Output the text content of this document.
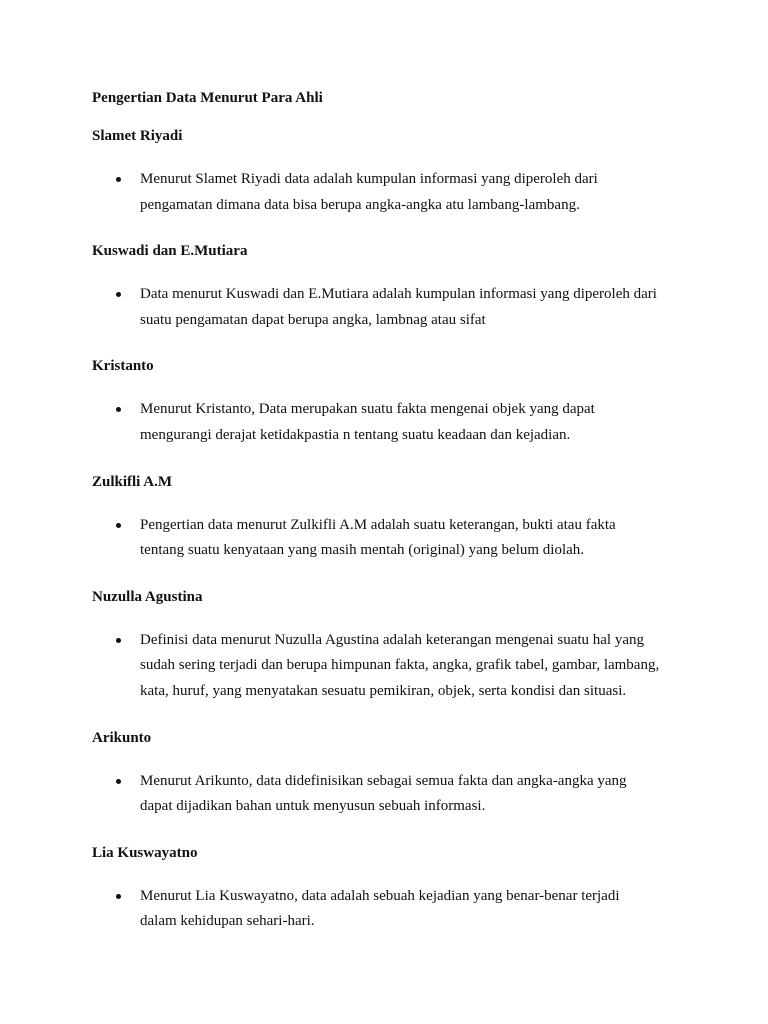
Pengertian Data Menurut Para Ahli
Slamet Riyadi
Menurut Slamet Riyadi data adalah kumpulan informasi yang diperoleh dari pengamatan dimana data bisa berupa angka-angka atu lambang-lambang.
Kuswadi dan E.Mutiara
Data menurut Kuswadi dan E.Mutiara adalah kumpulan informasi yang diperoleh dari suatu pengamatan dapat berupa angka, lambnag atau sifat
Kristanto
Menurut Kristanto, Data merupakan suatu fakta mengenai objek yang dapat mengurangi derajat ketidakpastia n tentang suatu keadaan dan kejadian.
Zulkifli A.M
Pengertian data menurut Zulkifli A.M adalah suatu keterangan, bukti atau fakta tentang suatu kenyataan yang masih mentah (original) yang belum diolah.
Nuzulla Agustina
Definisi data menurut Nuzulla Agustina adalah keterangan mengenai suatu hal yang sudah sering terjadi dan berupa himpunan fakta, angka, grafik tabel, gambar, lambang, kata, huruf, yang menyatakan sesuatu pemikiran, objek, serta kondisi dan situasi.
Arikunto
Menurut Arikunto, data didefinisikan sebagai semua fakta dan angka-angka yang dapat dijadikan bahan untuk menyusun sebuah informasi.
Lia Kuswayatno
Menurut Lia Kuswayatno, data adalah sebuah kejadian yang benar-benar terjadi dalam kehidupan sehari-hari.
